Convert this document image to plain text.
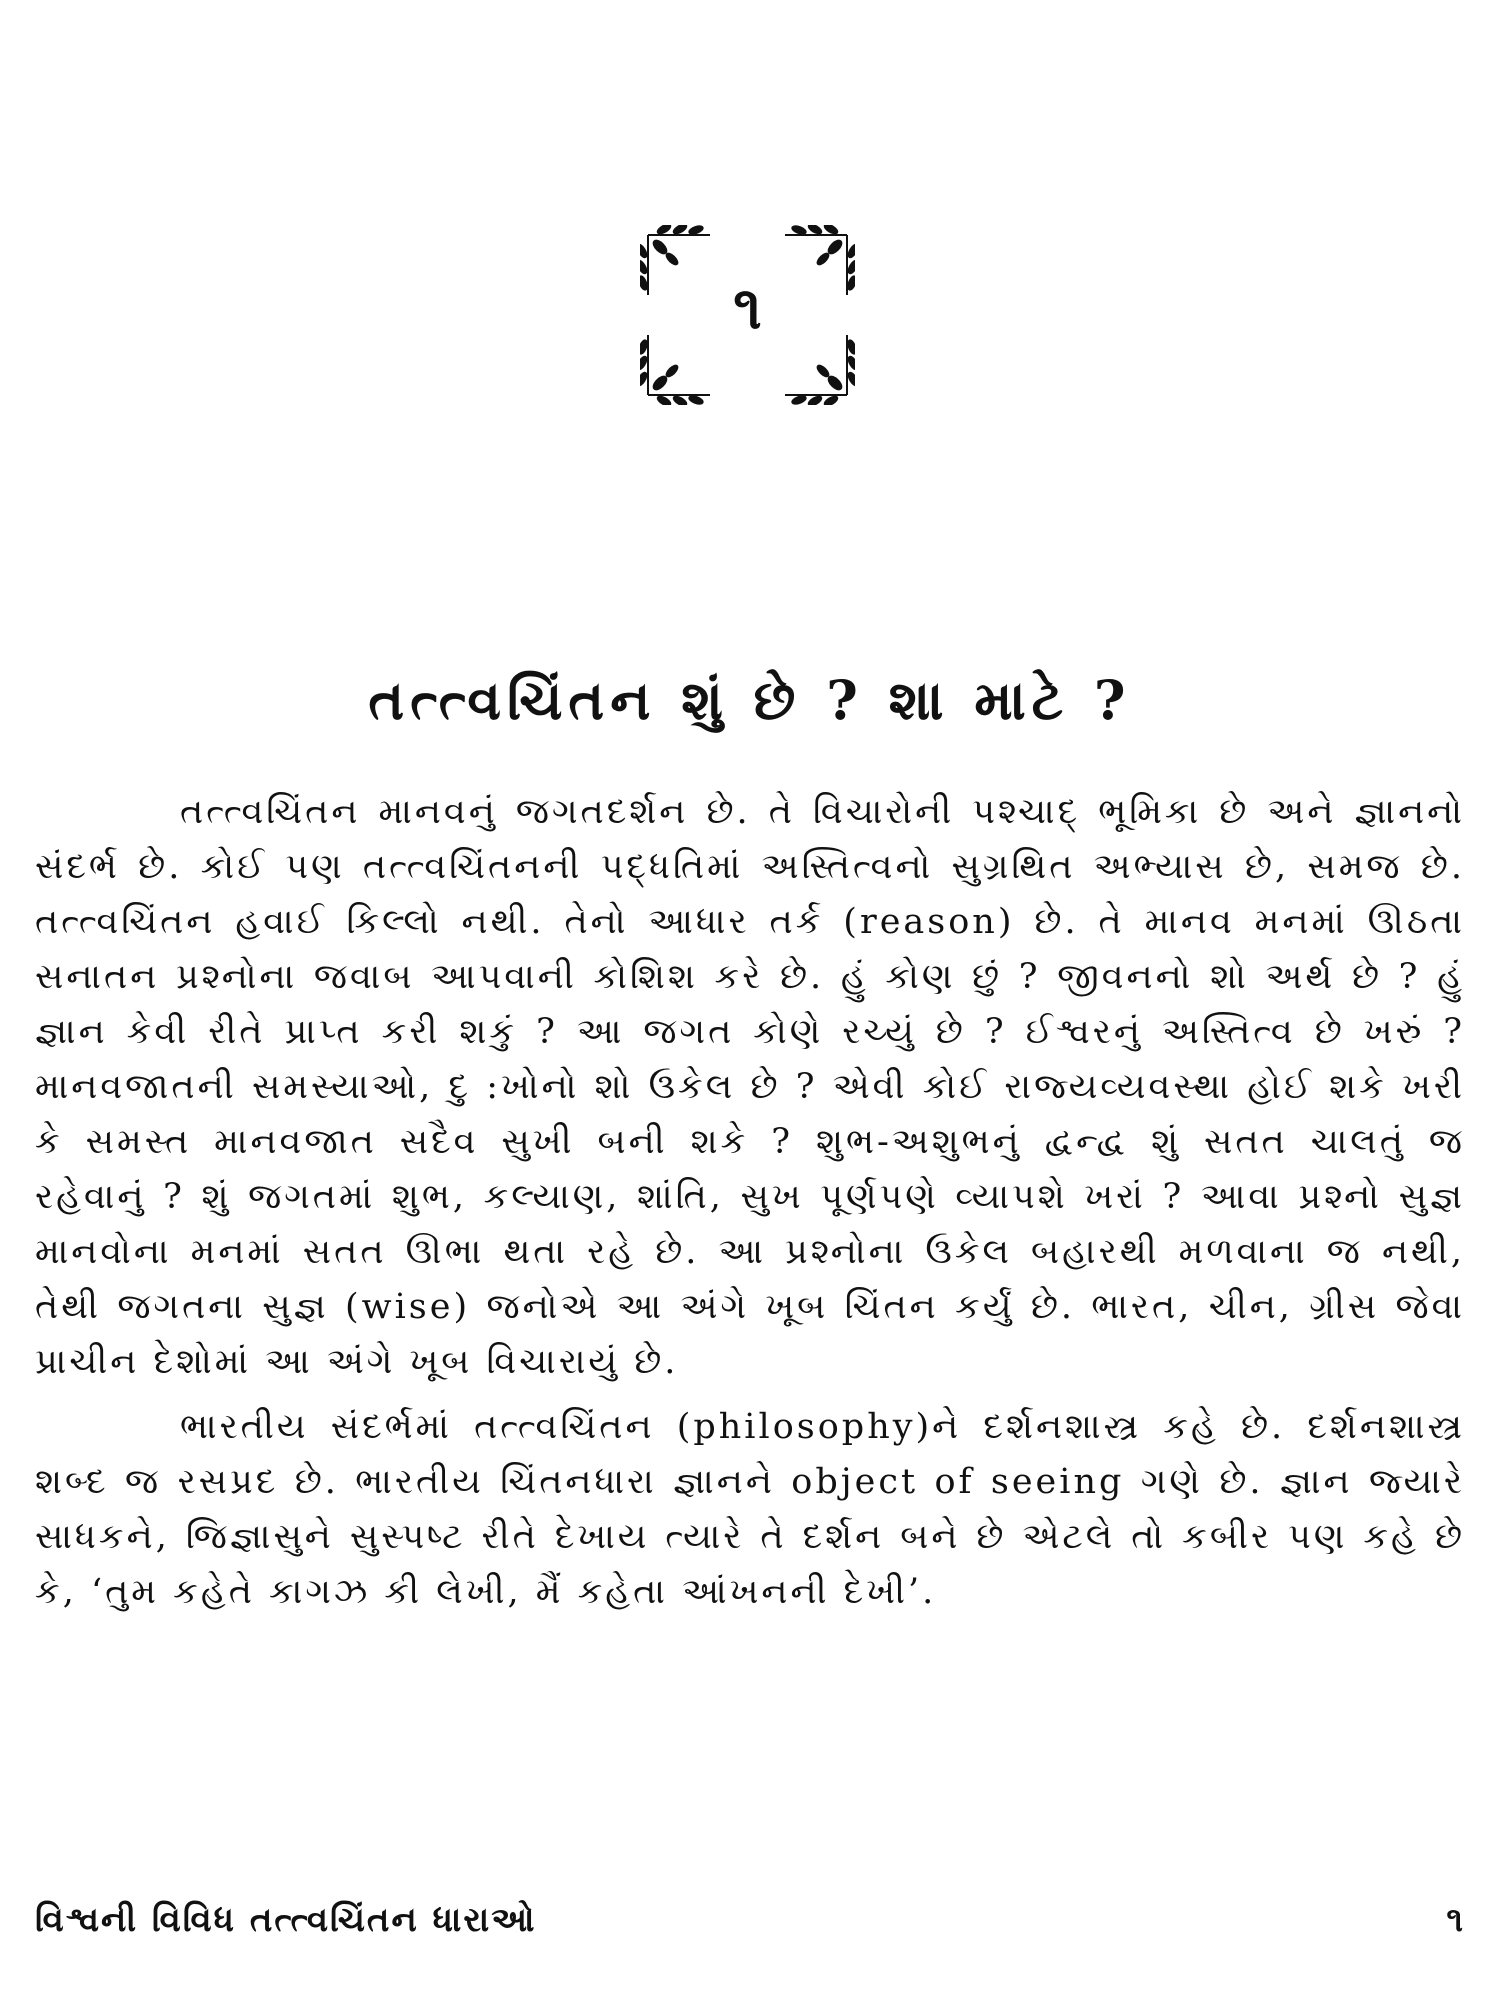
૧
તત્ત્વચિંતન શું છે ? શા માટે ?

તત્ત્વચિંતન માનવનું જગતદર્શન છે. તે વિચારોની પશ્ચાદ્ ભૂમિકા છે અને જ્ઞાનનો સંદર્ભ છે. કોઈ પણ તત્ત્વચિંતનની પદ્ધતિમાં અસ્તિત્વનો સુગ્રથિત અભ્યાસ છે, સમજ છે. તત્ત્વચિંતન હવાઈ કિલ્લો નથી. તેનો આધાર તર્ક (reason) છે. તે માનવ મનમાં ઊઠતા સનાતન પ્રશ્નોના જવાબ આપવાની કોશિશ કરે છે. હું કોણ છું ? જીવનનો શો અર્થ છે ? હું જ્ઞાન કેવી રીતે પ્રાપ્ત કરી શકું ? આ જગત કોણે રચ્યું છે ? ઈશ્વરનું અસ્તિત્વ છે ખરું ? માનવજાતની સમસ્યાઓ, દુ :ખોનો શો ઉકેલ છે ? એવી કોઈ રાજ્યવ્યવસ્થા હોઈ શકે ખરી કે સમસ્ત માનવજાત સદૈવ સુખી બની શકે ? શુભ-અશુભનું દ્વન્દ્વ શું સતત ચાલતું જ રહેવાનું ? શું જગતમાં શુભ, કલ્યાણ, શાંતિ, સુખ પૂર્ણપણે વ્યાપશે ખરાં ? આવા પ્રશ્નો સુજ્ઞ માનવોના મનમાં સતત ઊભા થતા રહે છે. આ પ્રશ્નોના ઉકેલ બહારથી મળવાના જ નથી, તેથી જગતના સુજ્ઞ (wise) જનોએ આ અંગે ખૂબ ચિંતન કર્યું છે. ભારત, ચીન, ગ્રીસ જેવા પ્રાચીન દેશોમાં આ અંગે ખૂબ વિચારાયું છે.

ભારતીય સંદર્ભમાં તત્ત્વચિંતન (philosophy)ને દર્શનશાસ્ત્ર કહે છે. દર્શનશાસ્ત્ર શબ્દ જ રસપ્રદ છે. ભારતીય ચિંતનધારા જ્ઞાનને object of seeing ગણે છે. જ્ઞાન જ્યારે સાધકને, જિજ્ઞાસુને સુસ્પષ્ટ રીતે દેખાય ત્યારે તે દર્શન બને છે એટલે તો કબીર પણ કહે છે કે, ‘તુમ કહેતે કાગઝ કી લેખી, મૈં કહેતા આંખનની દેખી’.

વિશ્વની વિવિધ તત્ત્વચિંતન ધારાઓ	૧
